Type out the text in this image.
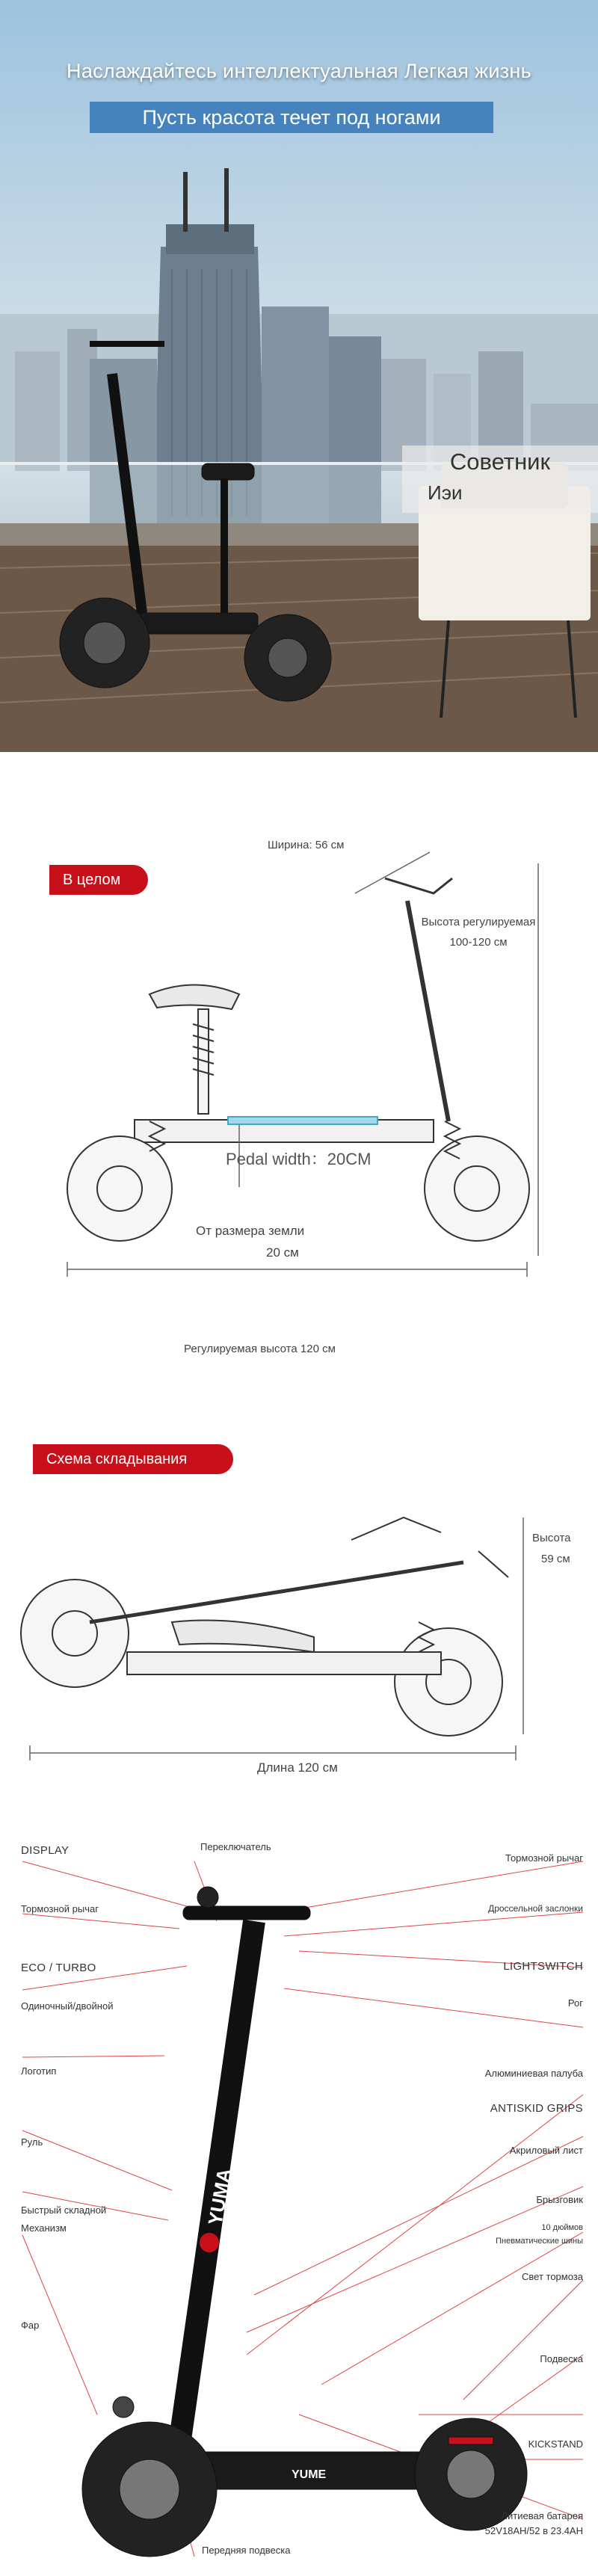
Наслаждайтесь интеллектуальная Легкая жизнь
Пусть красота течет под ногами
Советник
Иэи
В целом
Ширина: 56 см
Высота регулируемая
100-120 см
Pedal width：20CM
От размера земли
20 см
Регулируемая высота 120 см
Схема складывания
Высота
59 см
Длина 120 см
YUMA
YUME
DISPLAY
Тормозной рычаг
ECO / TURBO
Одиночный/двойной
Логотип
Руль
Быстрый складной
Механизм
Фар
Передняя подвеска
Переключатель
Тормозной рычаг
Дроссельной заслонки
LIGHTSWITCH
Рог
Алюминиевая палуба
ANTISKID GRIPS
Акриловый лист
Брызговик
10 дюймов
Пневматические шины
Свет тормоза
Подвеска
KICKSTAND
Литиевая батарея
52V18AH/52 в 23.4AH
